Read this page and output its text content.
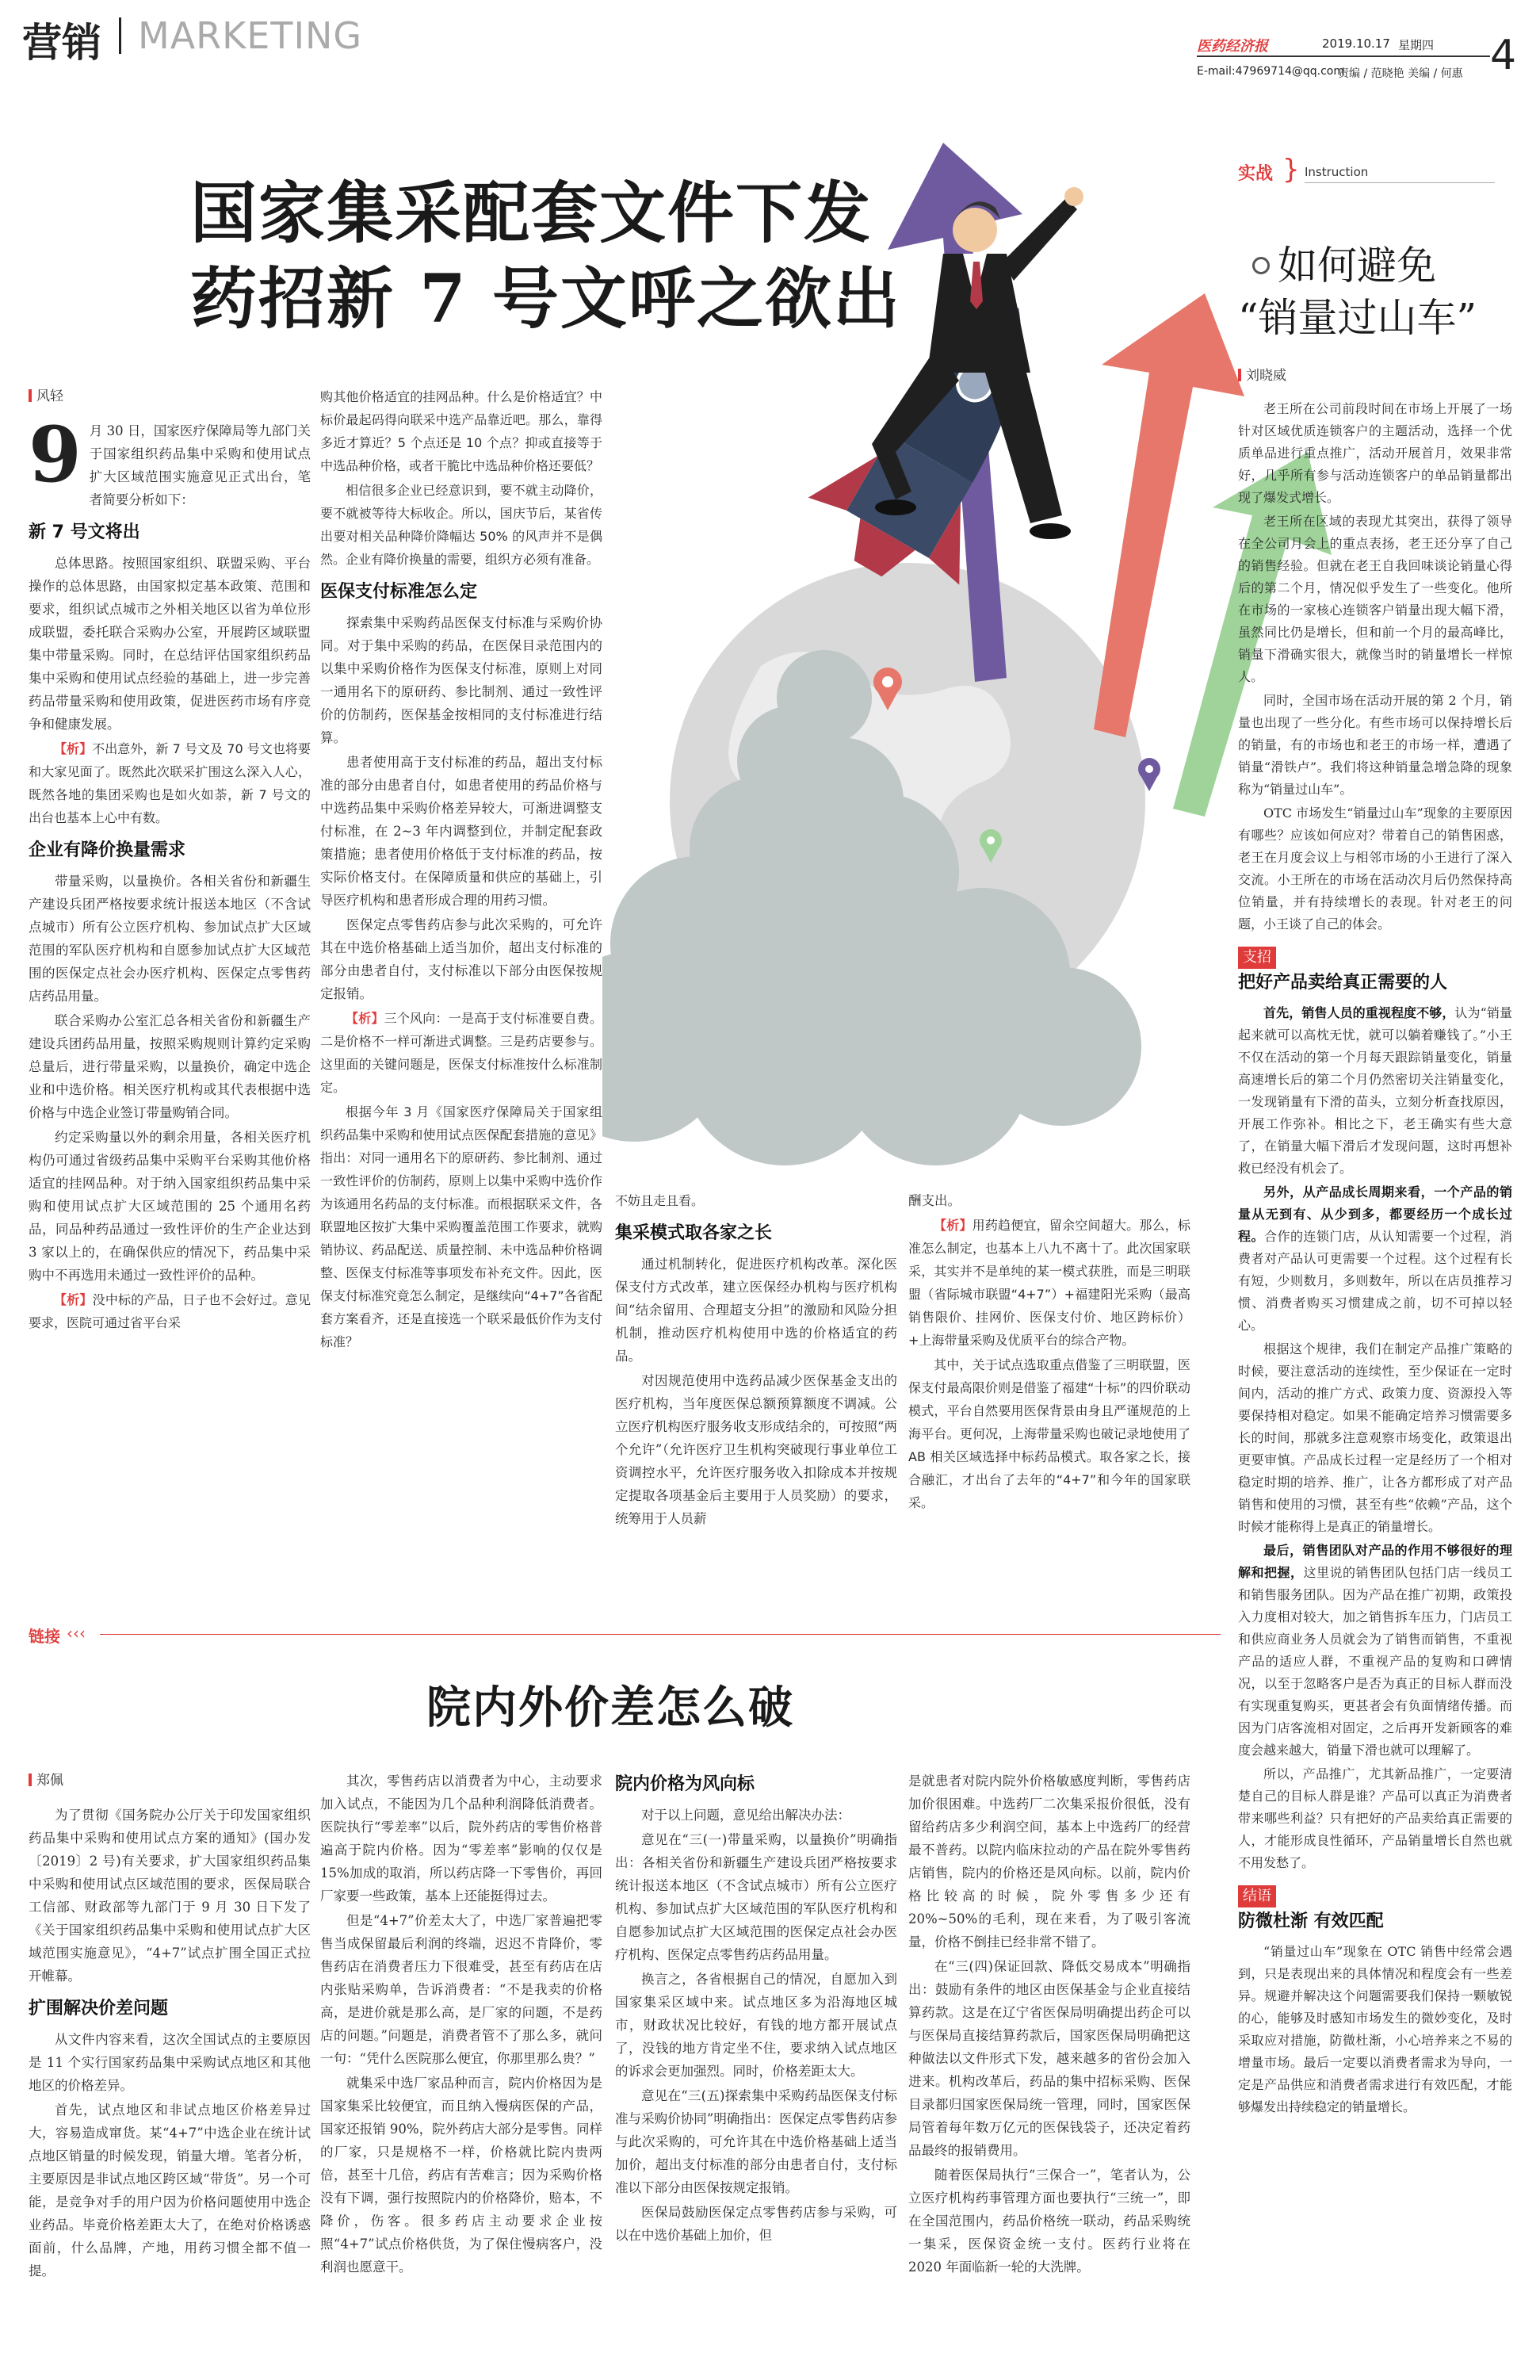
营销 MARKETING	医药经济报	2019.10.17 星期四
E-mail:47969714@qq.com
责编 / 范晓艳 美编 / 何惠 4
国家集采配套文件下发
药招新 7 号文呼之欲出
风轻
9 月 30 日，国家医疗保障局等九部门关于国家组织药品集中采购和使用试点扩大区域范围实施意见正式出台，笔者简要分析如下：
新 7 号文将出

总体思路。按照国家组织、联盟采购、平台操作的总体思路，由国家拟定基本政策、范围和要求，组织试点城市之外相关地区以省为单位形成联盟，委托联合采购办公室，开展跨区域联盟集中带量采购。同时，在总结评估国家组织药品集中采购和使用试点经验的基础上，进一步完善药品带量采购和使用政策，促进医药市场有序竞争和健康发展。

【析】不出意外，新 7 号文及 70 号文也将要和大家见面了。既然此次联采扩围这么深入人心，既然各地的集团采购也是如火如荼，新 7 号文的出台也基本上心中有数。

企业有降价换量需求

带量采购，以量换价。各相关省份和新疆生产建设兵团严格按要求统计报送本地区（不含试点城市）所有公立医疗机构、参加试点扩大区域范围的军队医疗机构和自愿参加试点扩大区域范围的医保定点社会办医疗机构、医保定点零售药店药品用量。

联合采购办公室汇总各相关省份和新疆生产建设兵团药品用量，按照采购规则计算约定采购总量后，进行带量采购，以量换价，确定中选企业和中选价格。相关医疗机构或其代表根据中选价格与中选企业签订带量购销合同。

约定采购量以外的剩余用量，各相关医疗机构仍可通过省级药品集中采购平台采购其他价格适宜的挂网品种。对于纳入国家组织药品集中采购和使用试点扩大区域范围的 25 个通用名药品，同品种药品通过一致性评价的生产企业达到 3 家以上的，在确保供应的情况下，药品集中采购中不再选用未通过一致性评价的品种。

【析】没中标的产品，日子也不会好过。意见要求，医院可通过省平台采

购其他价格适宜的挂网品种。什么是价格适宜？中标价最起码得向联采中选产品靠近吧。那么，靠得多近才算近？5 个点还是 10 个点？抑或直接等于中选品种价格，或者干脆比中选品种价格还要低？

相信很多企业已经意识到，要不就主动降价，要不就被等待大标收企。所以，国庆节后，某省传出要对相关品种降价降幅达 50% 的风声并不是偶然。企业有降价换量的需要，组织方必须有准备。

医保支付标准怎么定

探索集中采购药品医保支付标准与采购价协同。对于集中采购的药品，在医保目录范围内的以集中采购价格作为医保支付标准，原则上对同一通用名下的原研药、参比制剂、通过一致性评价的仿制药，医保基金按相同的支付标准进行结算。

患者使用高于支付标准的药品，超出支付标准的部分由患者自付，如患者使用的药品价格与中选药品集中采购价格差异较大，可渐进调整支付标准，在 2~3 年内调整到位，并制定配套政策措施；患者使用价格低于支付标准的药品，按实际价格支付。在保障质量和供应的基础上，引导医疗机构和患者形成合理的用药习惯。

医保定点零售药店参与此次采购的，可允许其在中选价格基础上适当加价，超出支付标准的部分由患者自付，支付标准以下部分由医保按规定报销。

【析】三个风向：一是高于支付标准要自费。二是价格不一样可渐进式调整。三是药店要参与。这里面的关键问题是，医保支付标准按什么标准制定。

根据今年 3 月《国家医疗保障局关于国家组织药品集中采购和使用试点医保配套措施的意见》指出：对同一通用名下的原研药、参比制剂、通过一致性评价的仿制药，原则上以集中采购中选价作为该通用名药品的支付标准。而根据联采文件，各联盟地区按扩大集中采购覆盖范围工作要求，就购销协议、药品配送、质量控制、未中选品种价格调整、医保支付标准等事项发布补充文件。因此，医保支付标准究竟怎么制定，是继续向“4+7”各省配套方案看齐，还是直接选一个联采最低价作为支付标准？

不妨且走且看。

集采模式取各家之长

通过机制转化，促进医疗机构改革。深化医保支付方式改革，建立医保经办机构与医疗机构间“结余留用、合理超支分担”的激励和风险分担机制，推动医疗机构使用中选的价格适宜的药品。

对因规范使用中选药品减少医保基金支出的医疗机构，当年度医保总额预算额度不调减。公立医疗机构医疗服务收支形成结余的，可按照“两个允许”（允许医疗卫生机构突破现行事业单位工资调控水平，允许医疗服务收入扣除成本并按规定提取各项基金后主要用于人员奖励）的要求，统筹用于人员薪

酬支出。

【析】用药趋便宜，留余空间超大。那么，标准怎么制定，也基本上八九不离十了。此次国家联采，其实并不是单纯的某一模式获胜，而是三明联盟（省际城市联盟“4+7”）+福建阳光采购（最高销售限价、挂网价、医保支付价、地区跨标价）+上海带量采购及优质平台的综合产物。

其中，关于试点选取重点借鉴了三明联盟，医保支付最高限价则是借鉴了福建“十标”的四价联动模式，平台自然要用医保背景由身且严谨规范的上海平台。更何况，上海带量采购也破记录地使用了 AB 相关区域选择中标药品模式。取各家之长，接合融汇，才出台了去年的“4+7”和今年的国家联采。

链接 ‹‹‹
院内外价差怎么破
郑佩

为了贯彻《国务院办公厅关于印发国家组织药品集中采购和使用试点方案的通知》(国办发〔2019〕2 号)有关要求，扩大国家组织药品集中采购和使用试点区域范围的要求，医保局联合工信部、财政部等九部门于 9 月 30 日下发了《关于国家组织药品集中采购和使用试点扩大区域范围实施意见》，“4+7”试点扩围全国正式拉开帷幕。

扩围解决价差问题

从文件内容来看，这次全国试点的主要原因是 11 个实行国家药品集中采购试点地区和其他地区的价格差异。

首先，试点地区和非试点地区价格差异过大，容易造成窜货。某“4+7”中选企业在统计试点地区销量的时候发现，销量大增。笔者分析，主要原因是非试点地区跨区域“带货”。另一个可能，是竞争对手的用户因为价格问题使用中选企业药品。毕竟价格差距太大了，在绝对价格诱惑面前，什么品牌，产地，用药习惯全都不值一提。

其次，零售药店以消费者为中心，主动要求加入试点，不能因为几个品种利润降低消费者。医院执行“零差率”以后，院外药店的零售价格普遍高于院内价格。因为“零差率”影响的仅仅是 15%加成的取消，所以药店降一下零售价，再回厂家要一些政策，基本上还能挺得过去。

但是“4+7”价差太大了，中选厂家普遍把零售当成保留最后利润的终端，迟迟不肯降价，零售药店在消费者压力下很难受，甚至有药店在店内张贴采购单，告诉消费者：“不是我卖的价格高，是进价就是那么高，是厂家的问题，不是药店的问题。”问题是，消费者管不了那么多，就问一句：“凭什么医院那么便宜，你那里那么贵？”

就集采中选厂家品种而言，院内价格因为是国家集采比较便宜，而且纳入慢病医保的产品，国家还报销 90%，院外药店大部分是零售。同样的厂家，只是规格不一样，价格就比院内贵两倍，甚至十几倍，药店有苦难言；因为采购价格没有下调，强行按照院内的价格降价，赔本，不降价，伤客。很多药店主动要求企业按照“4+7”试点价格供货，为了保住慢病客户，没利润也愿意干。

院内价格为风向标

对于以上问题，意见给出解决办法：

意见在“三(一)带量采购，以量换价”明确指出：各相关省份和新疆生产建设兵团严格按要求统计报送本地区（不含试点城市）所有公立医疗机构、参加试点扩大区域范围的军队医疗机构和自愿参加试点扩大区域范围的医保定点社会办医疗机构、医保定点零售药店药品用量。

换言之，各省根据自己的情况，自愿加入到国家集采区域中来。试点地区多为沿海地区城市，财政状况比较好，有钱的地方都开展试点了，没钱的地方肯定坐不住，要求纳入试点地区的诉求会更加强烈。同时，价格差距太大。

意见在“三(五)探索集中采购药品医保支付标准与采购价协同”明确指出：医保定点零售药店参与此次采购的，可允许其在中选价格基础上适当加价，超出支付标准的部分由患者自付，支付标准以下部分由医保按规定报销。

医保局鼓励医保定点零售药店参与采购，可以在中选价基础上加价，但

是就患者对院内院外价格敏感度判断，零售药店加价很困难。中选药厂二次集采报价很低，没有留给药店多少利润空间，基本上中选药厂的经营最不普药。以院内临床拉动的产品在院外零售药店销售，院内的价格还是风向标。以前，院内价格比较高的时候，院外零售多少还有 20%~50%的毛利，现在来看，为了吸引客流量，价格不倒挂已经非常不错了。

在“三(四)保证回款、降低交易成本”明确指出：鼓励有条件的地区由医保基金与企业直接结算药款。这是在辽宁省医保局明确提出药企可以与医保局直接结算药款后，国家医保局明确把这种做法以文件形式下发，越来越多的省份会加入进来。机构改革后，药品的集中招标采购、医保目录都归国家医保局统一管理，同时，国家医保局管着每年数万亿元的医保钱袋子，还决定着药品最终的报销费用。

随着医保局执行“三保合一”，笔者认为，公立医疗机构药事管理方面也要执行“三统一”，即在全国范围内，药品价格统一联动，药品采购统一集采，医保资金统一支付。医药行业将在 2020 年面临新一轮的大洗牌。

实战 } Instruction
如何避免
“销量过山车”
刘晓威

老王所在公司前段时间在市场上开展了一场针对区域优质连锁客户的主题活动，选择一个优质单品进行重点推广，活动开展首月，效果非常好，几乎所有参与活动连锁客户的单品销量都出现了爆发式增长。

老王所在区域的表现尤其突出，获得了领导在全公司月会上的重点表扬，老王还分享了自己的销售经验。但就在老王自我回味谈论销量心得后的第二个月，情况似乎发生了一些变化。他所在市场的一家核心连锁客户销量出现大幅下滑，虽然同比仍是增长，但和前一个月的最高峰比，销量下滑确实很大，就像当时的销量增长一样惊人。

同时，全国市场在活动开展的第 2 个月，销量也出现了一些分化。有些市场可以保持增长后的销量，有的市场也和老王的市场一样，遭遇了销量“滑铁卢”。我们将这种销量急增急降的现象称为“销量过山车”。

OTC 市场发生“销量过山车”现象的主要原因有哪些？应该如何应对？带着自己的销售困惑，老王在月度会议上与相邻市场的小王进行了深入交流。小王所在的市场在活动次月后仍然保持高位销量，并有持续增长的表现。针对老王的问题，小王谈了自己的体会。

支招
把好产品卖给真正需要的人

首先，销售人员的重视程度不够，认为“销量起来就可以高枕无忧，就可以躺着赚钱了。”小王不仅在活动的第一个月每天跟踪销量变化，销量高速增长后的第二个月仍然密切关注销量变化，一发现销量有下滑的苗头，立刻分析查找原因，开展工作弥补。相比之下，老王确实有些大意了，在销量大幅下滑后才发现问题，这时再想补救已经没有机会了。

另外，从产品成长周期来看，一个产品的销量从无到有、从少到多，都要经历一个成长过程。合作的连锁门店，从认知需要一个过程，消费者对产品认可更需要一个过程。这个过程有长有短，少则数月，多则数年，所以在店员推荐习惯、消费者购买习惯建成之前，切不可掉以轻心。

根据这个规律，我们在制定产品推广策略的时候，要注意活动的连续性，至少保证在一定时间内，活动的推广方式、政策力度、资源投入等要保持相对稳定。如果不能确定培养习惯需要多长的时间，那就多注意观察市场变化，政策退出更要审慎。产品成长过程一定是经历了一个相对稳定时期的培养、推广，让各方都形成了对产品销售和使用的习惯，甚至有些“依赖”产品，这个时候才能称得上是真正的销量增长。

最后，销售团队对产品的作用不够很好的理解和把握，这里说的销售团队包括门店一线员工和销售服务团队。因为产品在推广初期，政策投入力度相对较大，加之销售拆车压力，门店员工和供应商业务人员就会为了销售而销售，不重视产品的适应人群，不重视产品的复购和口碑情况，以至于忽略客户是否为真正的目标人群而没有实现重复购买，更甚者会有负面情绪传播。而因为门店客流相对固定，之后再开发新顾客的难度会越来越大，销量下滑也就可以理解了。

所以，产品推广，尤其新品推广，一定要清楚自己的目标人群是谁？产品可以真正为消费者带来哪些利益？只有把好的产品卖给真正需要的人，才能形成良性循环，产品销量增长自然也就不用发愁了。

结语
防微杜渐 有效匹配

“销量过山车”现象在 OTC 销售中经常会遇到，只是表现出来的具体情况和程度会有一些差异。规避并解决这个问题需要我们保持一颗敏锐的心，能够及时感知市场发生的微妙变化，及时采取应对措施，防微杜渐，小心培养来之不易的增量市场。最后一定要以消费者需求为导向，一定是产品供应和消费者需求进行有效匹配，才能够爆发出持续稳定的销量增长。
